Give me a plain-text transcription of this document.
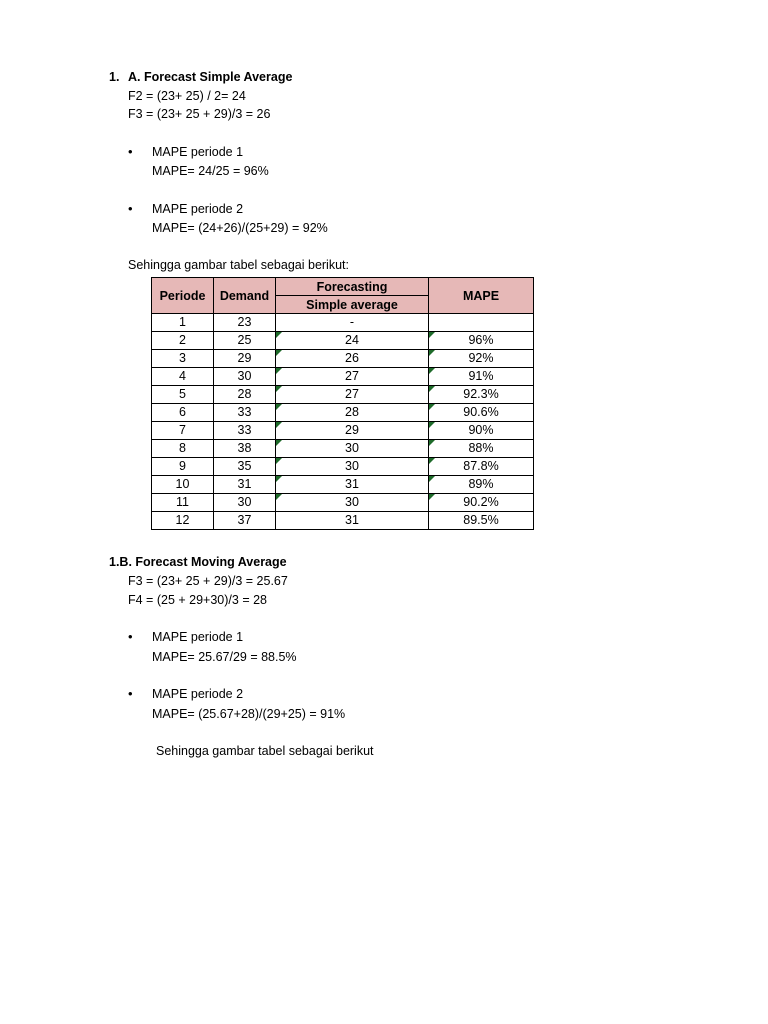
1. A. Forecast Simple Average
F2 = (23+ 25) / 2= 24
F3 = (23+ 25 + 29)/3 = 26
• MAPE periode 1
MAPE= 24/25 = 96%
• MAPE periode 2
MAPE= (24+26)/(25+29) = 92%
Sehingga gambar tabel sebagai berikut:
Periode	Demand	Forecasting	MAPE
		Simple average	
1	23	-	
2	25	24	96%
3	29	26	92%
4	30	27	91%
5	28	27	92.3%
6	33	28	90.6%
7	33	29	90%
8	38	30	88%
9	35	30	87.8%
10	31	31	89%
11	30	30	90.2%
12	37	31	89.5%
1.B. Forecast Moving Average
F3 = (23+ 25 + 29)/3 = 25.67
F4 = (25 + 29+30)/3 = 28
• MAPE periode 1
MAPE= 25.67/29 = 88.5%
• MAPE periode 2
MAPE= (25.67+28)/(29+25) = 91%
Sehingga gambar tabel sebagai berikut
